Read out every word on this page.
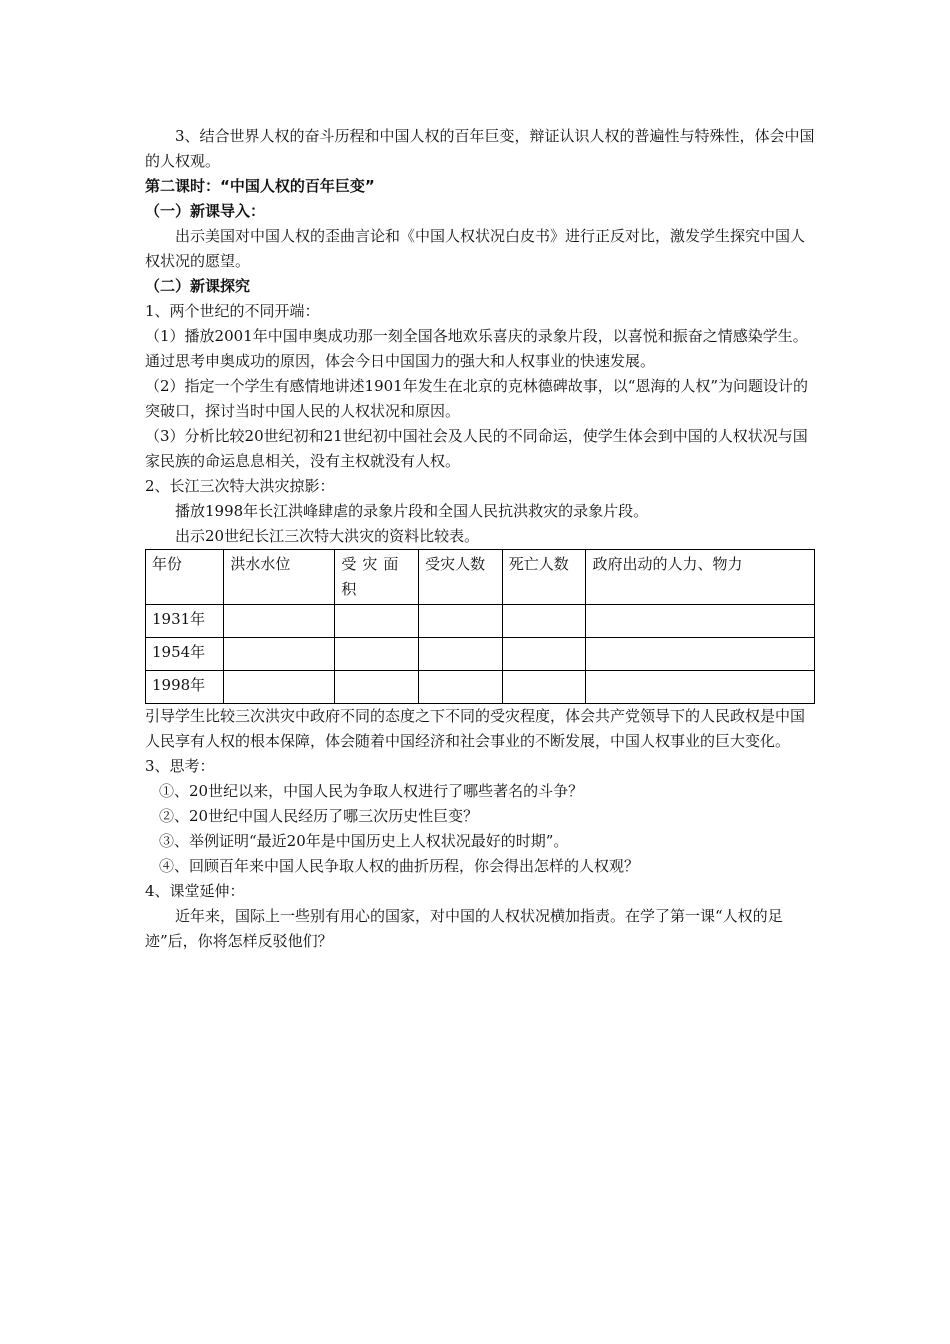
3、结合世界人权的奋斗历程和中国人权的百年巨变，辩证认识人权的普遍性与特殊性，体会中国的人权观。

第二课时：“中国人权的百年巨变”

（一）新课导入：

出示美国对中国人权的歪曲言论和《中国人权状况白皮书》进行正反对比，激发学生探究中国人权状况的愿望。

（二）新课探究

1、两个世纪的不同开端：

（1）播放2001年中国申奥成功那一刻全国各地欢乐喜庆的录象片段，以喜悦和振奋之情感染学生。通过思考申奥成功的原因，体会今日中国国力的强大和人权事业的快速发展。

（2）指定一个学生有感情地讲述1901年发生在北京的克林德碑故事，以“恩海的人权”为问题设计的突破口，探讨当时中国人民的人权状况和原因。

（3）分析比较20世纪初和21世纪初中国社会及人民的不同命运，使学生体会到中国的人权状况与国家民族的命运息息相关，没有主权就没有人权。

2、长江三次特大洪灾掠影：

播放1998年长江洪峰肆虐的录象片段和全国人民抗洪救灾的录象片段。

出示20世纪长江三次特大洪灾的资料比较表。

年份	洪水水位	受灾面积	受灾人数	死亡人数	政府出动的人力、物力
1931年					
1954年					
1998年					

引导学生比较三次洪灾中政府不同的态度之下不同的受灾程度，体会共产党领导下的人民政权是中国人民享有人权的根本保障，体会随着中国经济和社会事业的不断发展，中国人权事业的巨大变化。

3、思考：

①、20世纪以来，中国人民为争取人权进行了哪些著名的斗争？

②、20世纪中国人民经历了哪三次历史性巨变？

③、举例证明“最近20年是中国历史上人权状况最好的时期”。

④、回顾百年来中国人民争取人权的曲折历程，你会得出怎样的人权观？

4、课堂延伸：

近年来，国际上一些别有用心的国家，对中国的人权状况横加指责。在学了第一课“人权的足迹”后，你将怎样反驳他们？
